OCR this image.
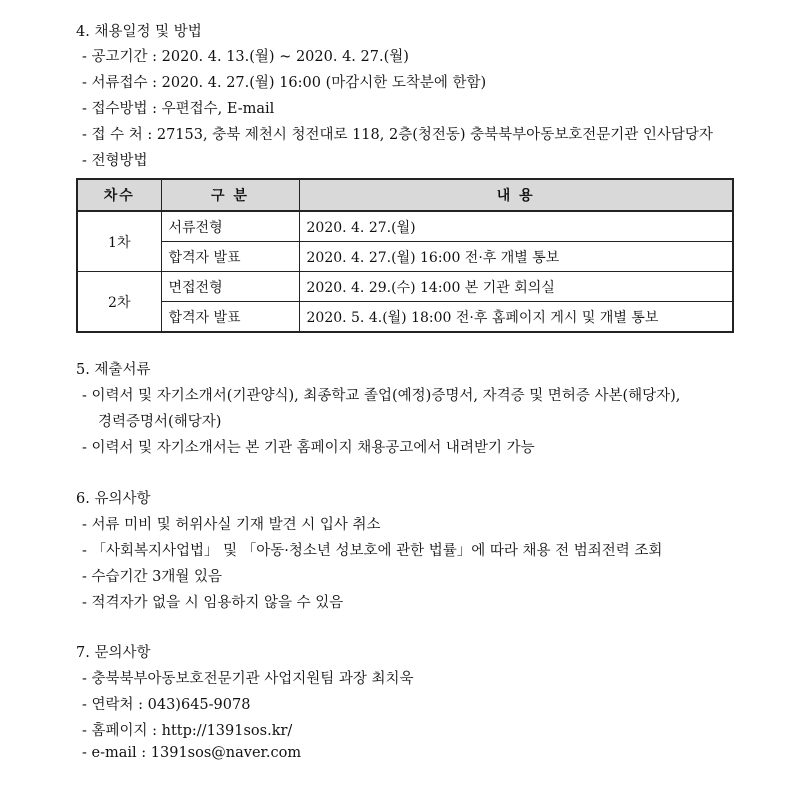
4. 채용일정 및 방법
- 공고기간 : 2020. 4. 13.(월) ~ 2020. 4. 27.(월)
- 서류접수 : 2020. 4. 27.(월) 16:00 (마감시한 도착분에 한함)
- 접수방법 : 우편접수, E-mail
- 접 수 처 : 27153, 충북 제천시 청전대로 118, 2층(청전동) 충북북부아동보호전문기관 인사담당자
- 전형방법
차수	구 분	내 용
1차	서류전형	2020. 4. 27.(월)
	합격자 발표	2020. 4. 27.(월) 16:00 전·후 개별 통보
2차	면접전형	2020. 4. 29.(수) 14:00 본 기관 회의실
	합격자 발표	2020. 5. 4.(월) 18:00 전·후 홈페이지 게시 및 개별 통보
5. 제출서류
- 이력서 및 자기소개서(기관양식), 최종학교 졸업(예정)증명서, 자격증 및 면허증 사본(해당자),
경력증명서(해당자)
- 이력서 및 자기소개서는 본 기관 홈페이지 채용공고에서 내려받기 가능
6. 유의사항
- 서류 미비 및 허위사실 기재 발견 시 입사 취소
- 「사회복지사업법」 및 「아동·청소년 성보호에 관한 법률」에 따라 채용 전 범죄전력 조회
- 수습기간 3개월 있음
- 적격자가 없을 시 임용하지 않을 수 있음
7. 문의사항
- 충북북부아동보호전문기관 사업지원팀 과장 최치욱
- 연락처 : 043)645-9078
- 홈페이지 : http://1391sos.kr/
- e-mail : 1391sos@naver.com
